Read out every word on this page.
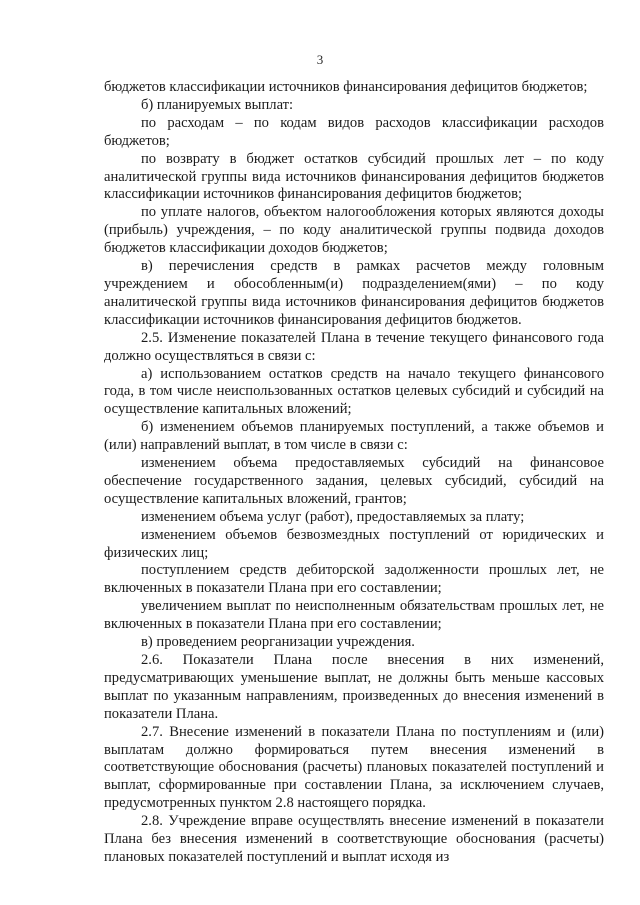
3

бюджетов классификации источников финансирования дефицитов бюджетов;

б) планируемых выплат:

по расходам – по кодам видов расходов классификации расходов бюджетов;

по возврату в бюджет остатков субсидий прошлых лет – по коду аналитической группы вида источников финансирования дефицитов бюджетов классификации источников финансирования дефицитов бюджетов;

по уплате налогов, объектом налогообложения которых являются доходы (прибыль) учреждения, – по коду аналитической группы подвида доходов бюджетов классификации доходов бюджетов;

в) перечисления средств в рамках расчетов между головным учреждением и обособленным(и) подразделением(ями) – по коду аналитической группы вида источников финансирования дефицитов бюджетов классификации источников финансирования дефицитов бюджетов.

2.5. Изменение показателей Плана в течение текущего финансового года должно осуществляться в связи с:

а) использованием остатков средств на начало текущего финансового года, в том числе неиспользованных остатков целевых субсидий и субсидий на осуществление капитальных вложений;

б) изменением объемов планируемых поступлений, а также объемов и (или) направлений выплат, в том числе в связи с:

изменением объема предоставляемых субсидий на финансовое обеспечение государственного задания, целевых субсидий, субсидий на осуществление капитальных вложений, грантов;

изменением объема услуг (работ), предоставляемых за плату;

изменением объемов безвозмездных поступлений от юридических и физических лиц;

поступлением средств дебиторской задолженности прошлых лет, не включенных в показатели Плана при его составлении;

увеличением выплат по неисполненным обязательствам прошлых лет, не включенных в показатели Плана при его составлении;

в) проведением реорганизации учреждения.

2.6. Показатели Плана после внесения в них изменений, предусматривающих уменьшение выплат, не должны быть меньше кассовых выплат по указанным направлениям, произведенных до внесения изменений в показатели Плана.

2.7. Внесение изменений в показатели Плана по поступлениям и (или) выплатам должно формироваться путем внесения изменений в соответствующие обоснования (расчеты) плановых показателей поступлений и выплат, сформированные при составлении Плана, за исключением случаев, предусмотренных пунктом 2.8 настоящего порядка.

2.8. Учреждение вправе осуществлять внесение изменений в показатели Плана без внесения изменений в соответствующие обоснования (расчеты) плановых показателей поступлений и выплат исходя из
